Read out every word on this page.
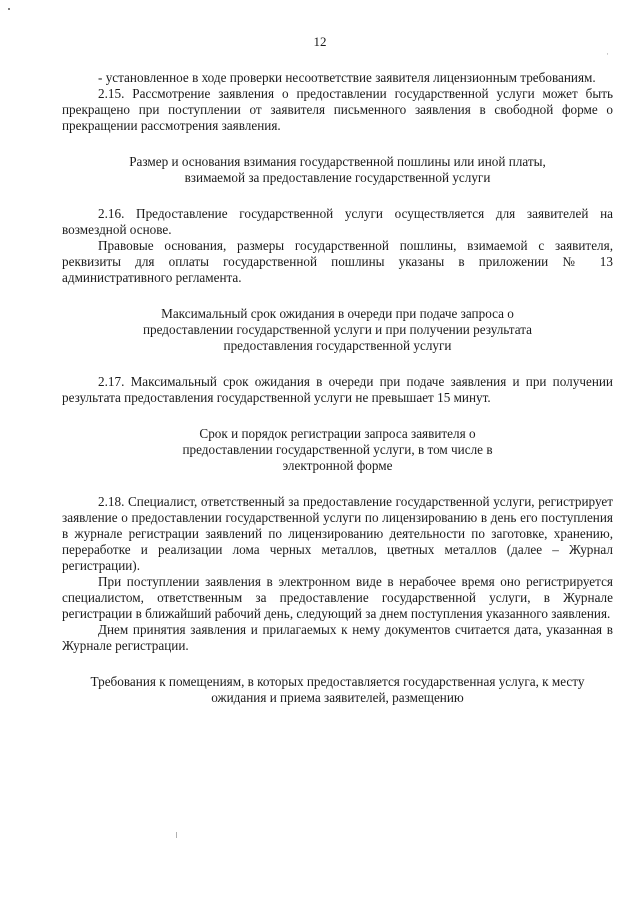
·
12

- установленное в ходе проверки несоответствие заявителя лицензионным требованиям.

2.15. Рассмотрение заявления о предоставлении государственной услуги может быть прекращено при поступлении от заявителя письменного заявления в свободной форме о прекращении рассмотрения заявления.

Размер и основания взимания государственной пошлины или иной платы, взимаемой за предоставление государственной услуги

2.16. Предоставление государственной услуги осуществляется для заявителей на возмездной основе.

Правовые основания, размеры государственной пошлины, взимаемой с заявителя, реквизиты для оплаты государственной пошлины указаны в приложении № 13 административного регламента.

Максимальный срок ожидания в очереди при подаче запроса о предоставлении государственной услуги и при получении результата предоставления государственной услуги

2.17. Максимальный срок ожидания в очереди при подаче заявления и при получении результата предоставления государственной услуги не превышает 15 минут.

Срок и порядок регистрации запроса заявителя о предоставлении государственной услуги, в том числе в электронной форме

2.18. Специалист, ответственный за предоставление государственной услуги, регистрирует заявление о предоставлении государственной услуги по лицензированию в день его поступления в журнале регистрации заявлений по лицензированию деятельности по заготовке, хранению, переработке и реализации лома черных металлов, цветных металлов (далее – Журнал регистрации).

При поступлении заявления в электронном виде в нерабочее время оно регистрируется специалистом, ответственным за предоставление государственной услуги, в Журнале регистрации в ближайший рабочий день, следующий за днем поступления указанного заявления.

Днем принятия заявления и прилагаемых к нему документов считается дата, указанная в Журнале регистрации.

Требования к помещениям, в которых предоставляется государственная услуга, к месту ожидания и приема заявителей, размещению
